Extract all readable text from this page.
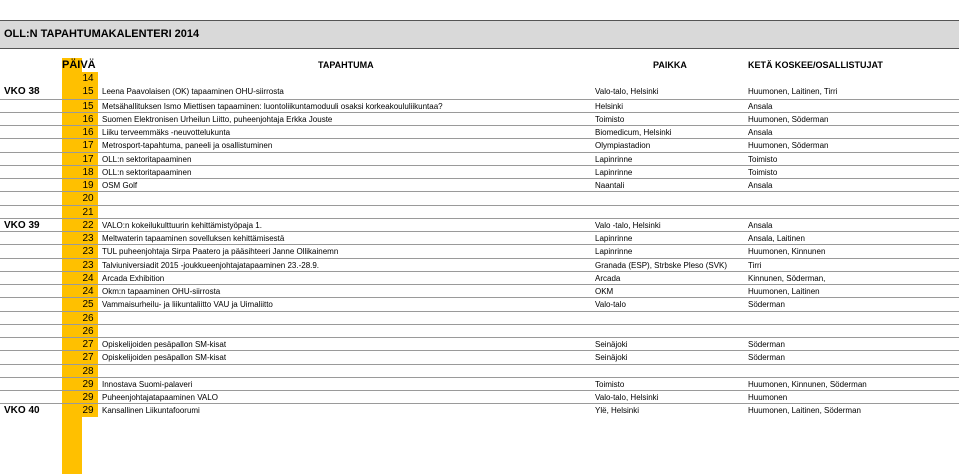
OLL:N TAPAHTUMAKALENTERI 2014
PÄIVÄ	TAPAHTUMA	PAIKKA	KETÄ KOSKEE/OSALLISTUJAT
14
VKO 38	15	Leena Paavolaisen (OK) tapaaminen OHU-siirrosta	Valo-talo, Helsinki	Huumonen, Laitinen, Tirri
15	Metsähallituksen Ismo Miettisen tapaaminen: luontoliikuntamoduuli osaksi korkeakoululiikuntaa?	Helsinki	Ansala
16	Suomen Elektronisen Urheilun Liitto, puheenjohtaja Erkka Jouste	Toimisto	Huumonen, Söderman
16	Liiku terveemmäks -neuvottelukunta	Biomedicum, Helsinki	Ansala
17	Metrosport-tapahtuma, paneeli ja osallistuminen	Olympiastadion	Huumonen, Söderman
17	OLL:n sektoritapaaminen	Lapinrinne	Toimisto
18	OLL:n sektoritapaaminen	Lapinrinne	Toimisto
19	OSM Golf	Naantali	Ansala
20
21
VKO 39	22	VALO:n kokeilukulttuurin kehittämistyöpaja 1.	Valo -talo, Helsinki	Ansala
23	Meltwaterin tapaaminen sovelluksen kehittämisestä	Lapinrinne	Ansala, Laitinen
23	TUL puheenjohtaja Sirpa Paatero ja pääsihteeri Janne Ollikainemn	Lapinrinne	Huumonen, Kinnunen
23	Talviuniversiadit 2015 -joukkueenjohtajatapaaminen 23.-28.9.	Granada (ESP), Strbske Pleso (SVK)	Tirri
24	Arcada Exhibition	Arcada	Kinnunen, Söderman,
24	Okm:n tapaaminen OHU-siirrosta	OKM	Huumonen, Laitinen
25	Vammaisurheilu- ja liikuntaliitto VAU ja Uimaliitto	Valo-talo	Söderman
26
26
27	Opiskelijoiden pesäpallon SM-kisat	Seinäjoki	Söderman
27	Opiskelijoiden pesäpallon SM-kisat	Seinäjoki	Söderman
28
29	Innostava Suomi-palaveri	Toimisto	Huumonen, Kinnunen, Söderman
29	Puheenjohtajatapaaminen VALO	Valo-talo, Helsinki	Huumonen
VKO 40	29	Kansallinen Liikuntafoorumi	Ylë, Helsinki	Huumonen, Laitinen, Söderman
